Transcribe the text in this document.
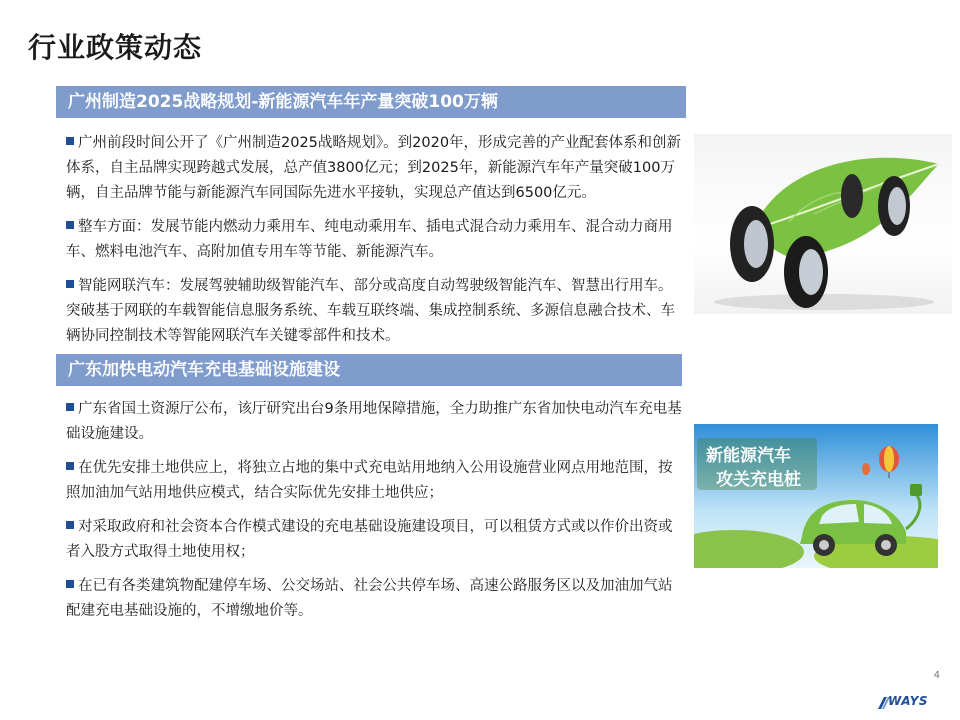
行业政策动态
广州制造2025战略规划-新能源汽车年产量突破100万辆
广州前段时间公开了《广州制造2025战略规划》。到2020年，形成完善的产业配套体系和创新体系，自主品牌实现跨越式发展，总产值3800亿元；到2025年，新能源汽车年产量突破100万辆，自主品牌节能与新能源汽车同国际先进水平接轨，实现总产值达到6500亿元。
整车方面：发展节能内燃动力乘用车、纯电动乘用车、插电式混合动力乘用车、混合动力商用车、燃料电池汽车、高附加值专用车等节能、新能源汽车。
智能网联汽车：发展驾驶辅助级智能汽车、部分或高度自动驾驶级智能汽车、智慧出行用车。突破基于网联的车载智能信息服务系统、车载互联终端、集成控制系统、多源信息融合技术、车辆协同控制技术等智能网联汽车关键零部件和技术。
广东加快电动汽车充电基础设施建设
广东省国土资源厅公布，该厅研究出台9条用地保障措施，全力助推广东省加快电动汽车充电基础设施建设。
在优先安排土地供应上，将独立占地的集中式充电站用地纳入公用设施营业网点用地范围，按照加油加气站用地供应模式，结合实际优先安排土地供应；
对采取政府和社会资本合作模式建设的充电基础设施建设项目，可以租赁方式或以作价出资或者入股方式取得土地使用权；
在已有各类建筑物配建停车场、公交场站、社会公共停车场、高速公路服务区以及加油加气站配建充电基础设施的，不增缴地价等。
新能源汽车
攻关充电桩
4
WAYS
